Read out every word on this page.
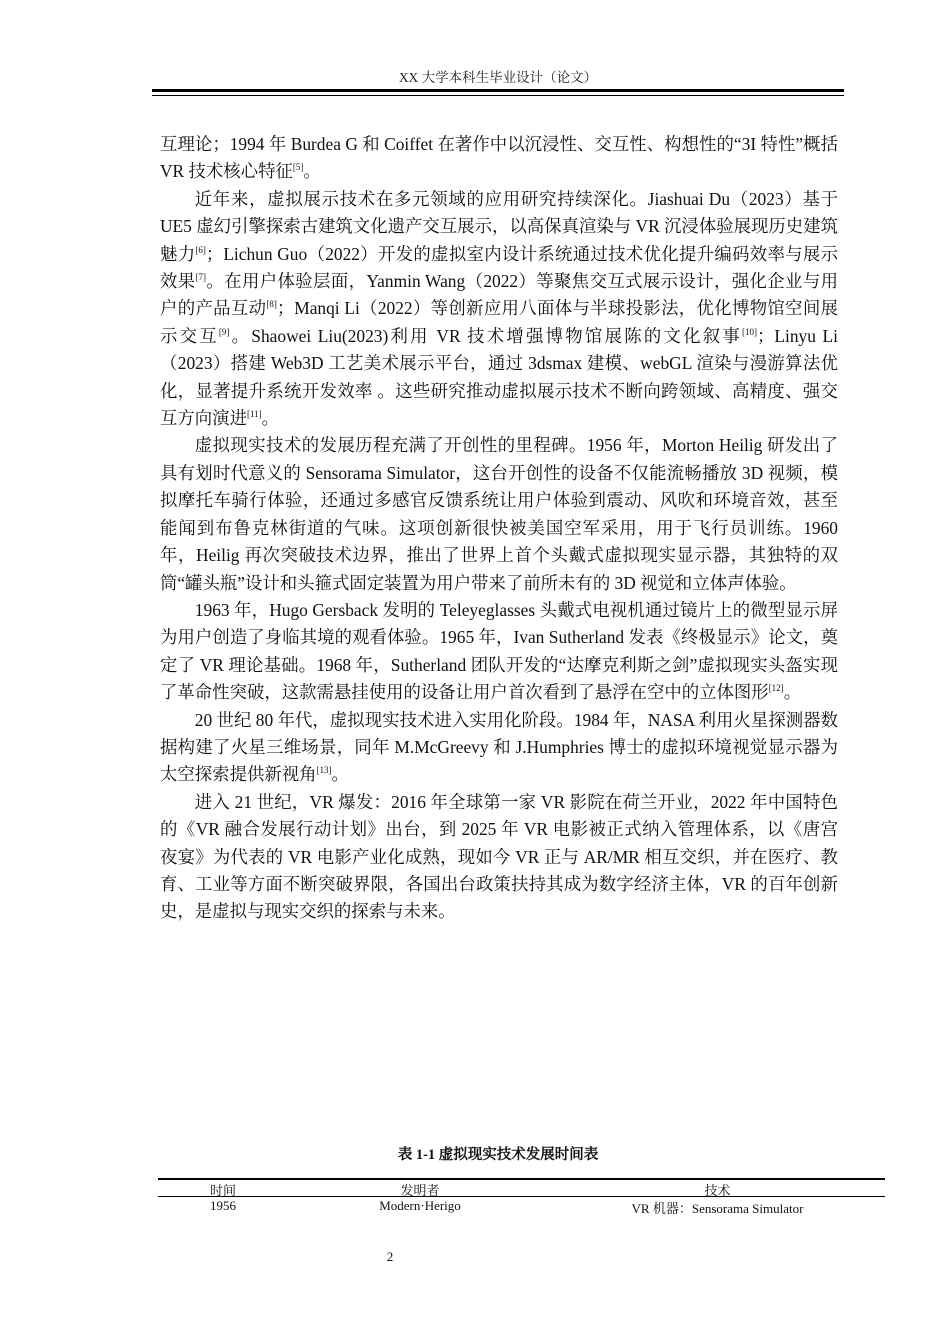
XX 大学本科生毕业设计（论文）

互理论；1994 年 Burdea G 和 Coiffet 在著作中以沉浸性、交互性、构想性的“3I 特性”概括 VR 技术核心特征[5]。

近年来，虚拟展示技术在多元领域的应用研究持续深化。Jiashuai Du（2023）基于 UE5 虚幻引擎探索古建筑文化遗产交互展示，以高保真渲染与 VR 沉浸体验展现历史建筑魅力[6]；Lichun Guo（2022）开发的虚拟室内设计系统通过技术优化提升编码效率与展示效果[7]。在用户体验层面，Yanmin Wang（2022）等聚焦交互式展示设计，强化企业与用户的产品互动[8]；Manqi Li（2022）等创新应用八面体与半球投影法，优化博物馆空间展示交互[9]。Shaowei Liu(2023)利用 VR 技术增强博物馆展陈的文化叙事[10]；Linyu Li（2023）搭建 Web3D 工艺美术展示平台，通过 3dsmax 建模、webGL 渲染与漫游算法优化，显著提升系统开发效率 。这些研究推动虚拟展示技术不断向跨领域、高精度、强交互方向演进[11]。

虚拟现实技术的发展历程充满了开创性的里程碑。1956 年，Morton Heilig 研发出了具有划时代意义的 Sensorama Simulator，这台开创性的设备不仅能流畅播放 3D 视频，模拟摩托车骑行体验，还通过多感官反馈系统让用户体验到震动、风吹和环境音效，甚至能闻到布鲁克林街道的气味。这项创新很快被美国空军采用，用于飞行员训练。1960 年，Heilig 再次突破技术边界，推出了世界上首个头戴式虚拟现实显示器，其独特的双筒“罐头瓶”设计和头箍式固定装置为用户带来了前所未有的 3D 视觉和立体声体验。

1963 年，Hugo Gersback 发明的 Teleyeglasses 头戴式电视机通过镜片上的微型显示屏为用户创造了身临其境的观看体验。1965 年，Ivan Sutherland 发表《终极显示》论文，奠定了 VR 理论基础。1968 年，Sutherland 团队开发的“达摩克利斯之剑”虚拟现实头盔实现了革命性突破，这款需悬挂使用的设备让用户首次看到了悬浮在空中的立体图形[12]。

20 世纪 80 年代，虚拟现实技术进入实用化阶段。1984 年，NASA 利用火星探测器数据构建了火星三维场景，同年 M.McGreevy 和 J.Humphries 博士的虚拟环境视觉显示器为太空探索提供新视角[13]。

进入 21 世纪，VR 爆发：2016 年全球第一家 VR 影院在荷兰开业，2022 年中国特色的《VR 融合发展行动计划》出台，到 2025 年 VR 电影被正式纳入管理体系，以《唐宫夜宴》为代表的 VR 电影产业化成熟，现如今 VR 正与 AR/MR 相互交织，并在医疗、教育、工业等方面不断突破界限，各国出台政策扶持其成为数字经济主体，VR 的百年创新史，是虚拟与现实交织的探索与未来。

表 1-1 虚拟现实技术发展时间表
时间	发明者	技术
1956	Modern·Herigo	VR 机器：Sensorama Simulator
2
